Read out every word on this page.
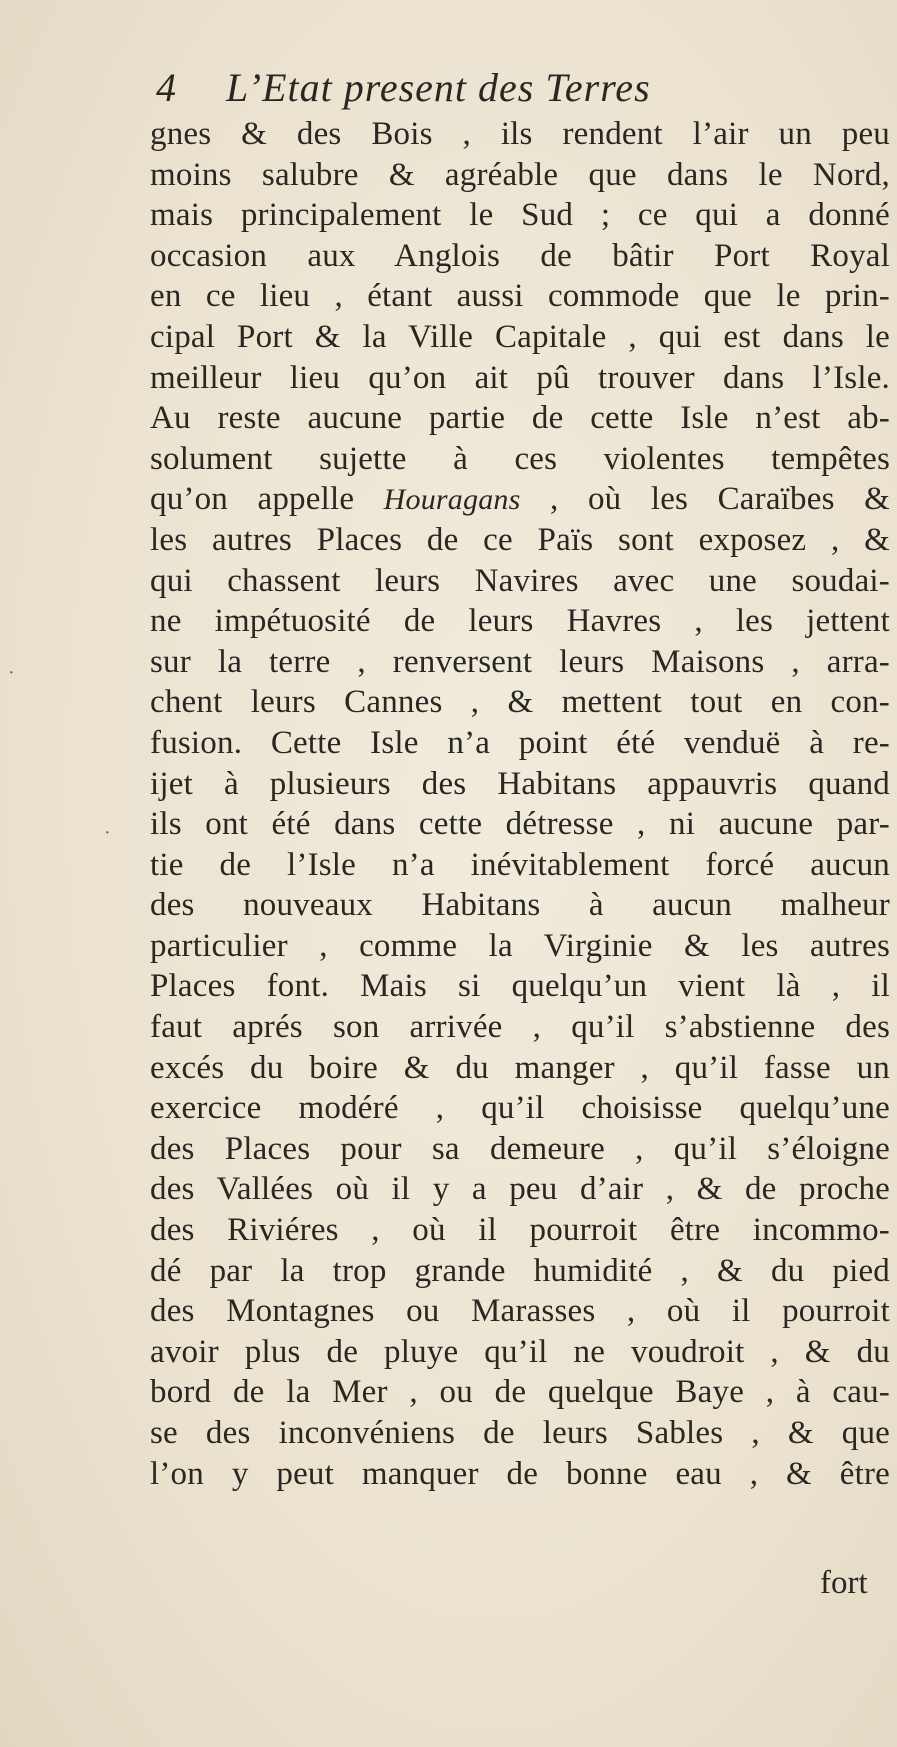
4	L’Etat present des Terres
gnes & des Bois , ils rendent l’air un peu
moins salubre & agréable que dans le Nord,
mais principalement le Sud ; ce qui a donné
occasion aux Anglois de bâtir Port Royal
en ce lieu , étant aussi commode que le prin-
cipal Port & la Ville Capitale , qui est dans le
meilleur lieu qu’on ait pû trouver dans l’Isle.
Au reste aucune partie de cette Isle n’est ab-
solument sujette à ces violentes tempêtes
qu’on appelle Houragans , où les Caraïbes &
les autres Places de ce Païs sont exposez , &
qui chassent leurs Navires avec une soudai-
ne impétuosité de leurs Havres , les jettent
sur la terre , renversent leurs Maisons , arra-
chent leurs Cannes , & mettent tout en con-
fusion. Cette Isle n’a point été venduë à re-
ijet à plusieurs des Habitans appauvris quand
ils ont été dans cette détresse , ni aucune par-
tie de l’Isle n’a inévitablement forcé aucun
des nouveaux Habitans à aucun malheur
particulier , comme la Virginie & les autres
Places font. Mais si quelqu’un vient là , il
faut aprés son arrivée , qu’il s’abstienne des
excés du boire & du manger , qu’il fasse un
exercice modéré , qu’il choisisse quelqu’une
des Places pour sa demeure , qu’il s’éloigne
des Vallées où il y a peu d’air , & de proche
des Riviéres , où il pourroit être incommo-
dé par la trop grande humidité , & du pied
des Montagnes ou Marasses , où il pourroit
avoir plus de pluye qu’il ne voudroit , & du
bord de la Mer , ou de quelque Baye , à cau-
se des inconvéniens de leurs Sables , & que
l’on y peut manquer de bonne eau , & être
fort
·
·
